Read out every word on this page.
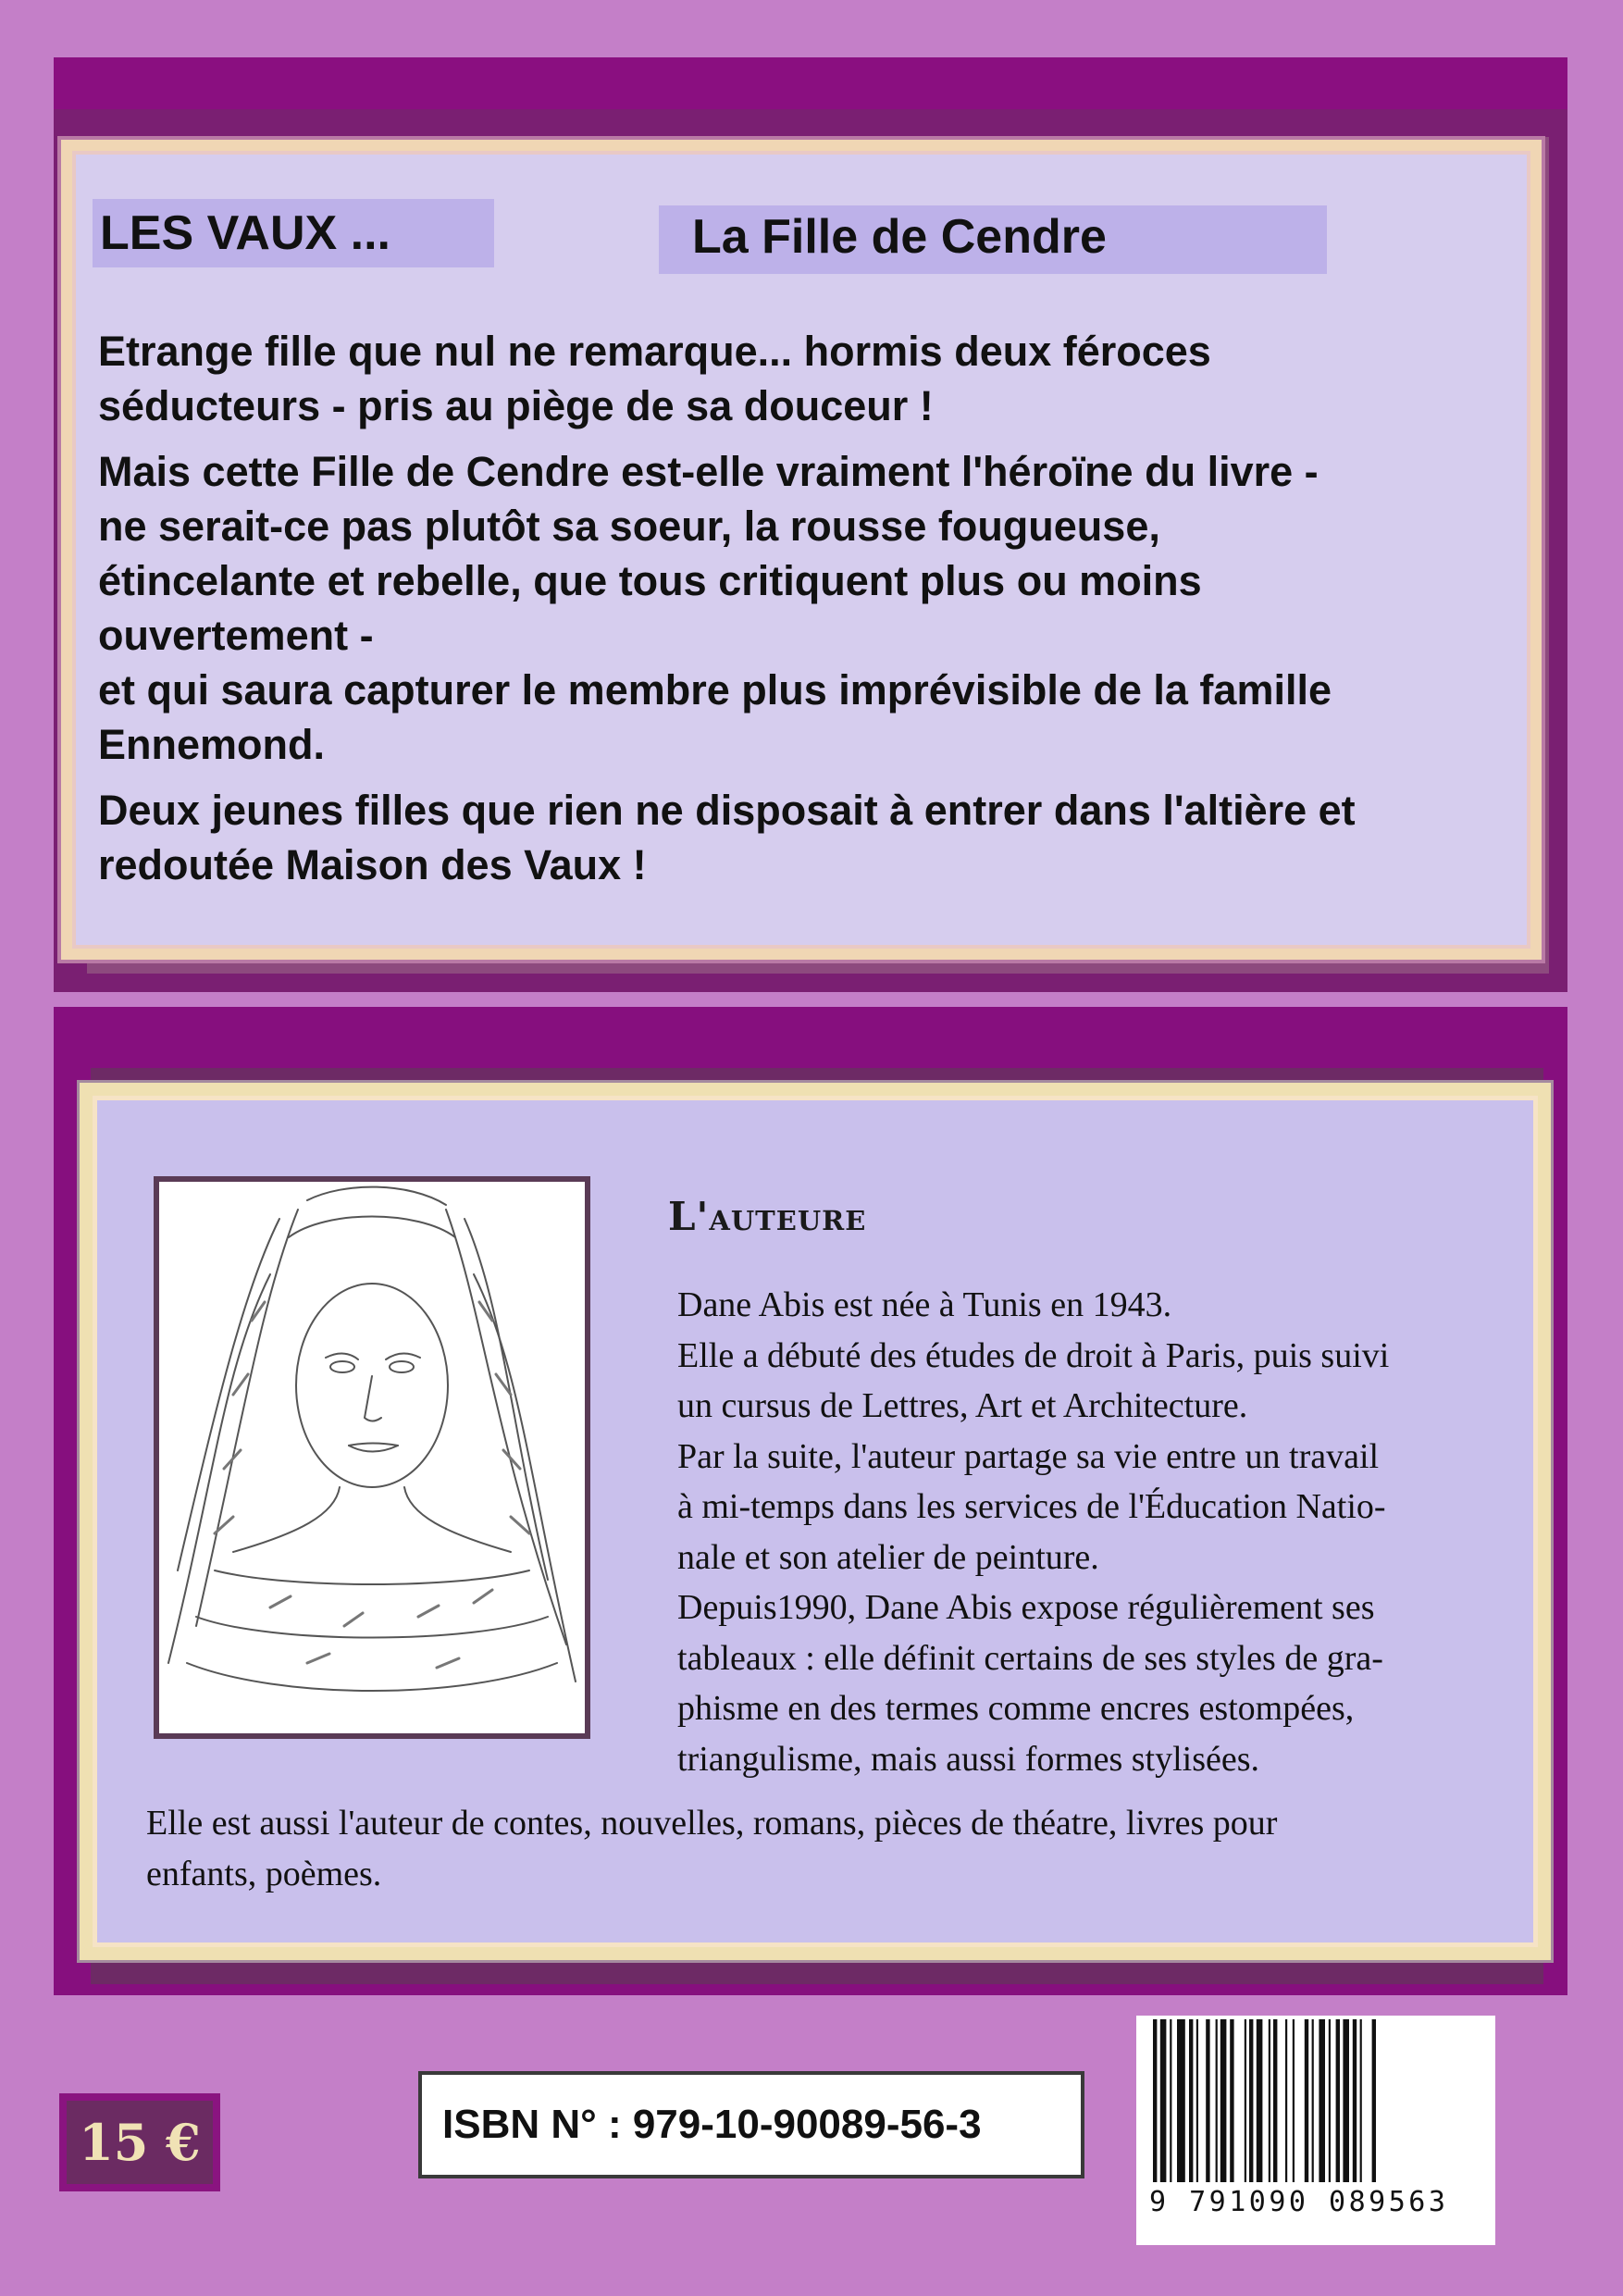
LES VAUX ...	La Fille de Cendre

Etrange fille que nul ne remarque... hormis deux féroces
séducteurs - pris au piège de sa douceur !

Mais cette Fille de Cendre est-elle vraiment l'héroïne du livre -
ne serait-ce pas plutôt sa soeur, la rousse fougueuse,
étincelante et rebelle, que tous critiquent plus ou moins
ouvertement -
et qui saura capturer le membre plus imprévisible de la famille
Ennemond.

Deux jeunes filles que rien ne disposait à entrer dans l'altière et
redoutée Maison des Vaux !

L'auteure
Dane Abis est née à Tunis en 1943.
Elle a débuté des études de droit à Paris, puis suivi
un cursus de Lettres, Art et Architecture.
Par la suite, l'auteur partage sa vie entre un travail
à mi-temps dans les services de l'Éducation Natio-
nale et son atelier de peinture.
Depuis1990, Dane Abis expose régulièrement ses
tableaux : elle définit certains de ses styles de gra-
phisme en des termes comme encres estompées,
triangulisme, mais aussi formes stylisées.
Elle est aussi l'auteur de contes, nouvelles, romans, pièces de théatre, livres pour
enfants, poèmes.
15 €	ISBN N° : 979-10-90089-56-3
9 791090 089563
